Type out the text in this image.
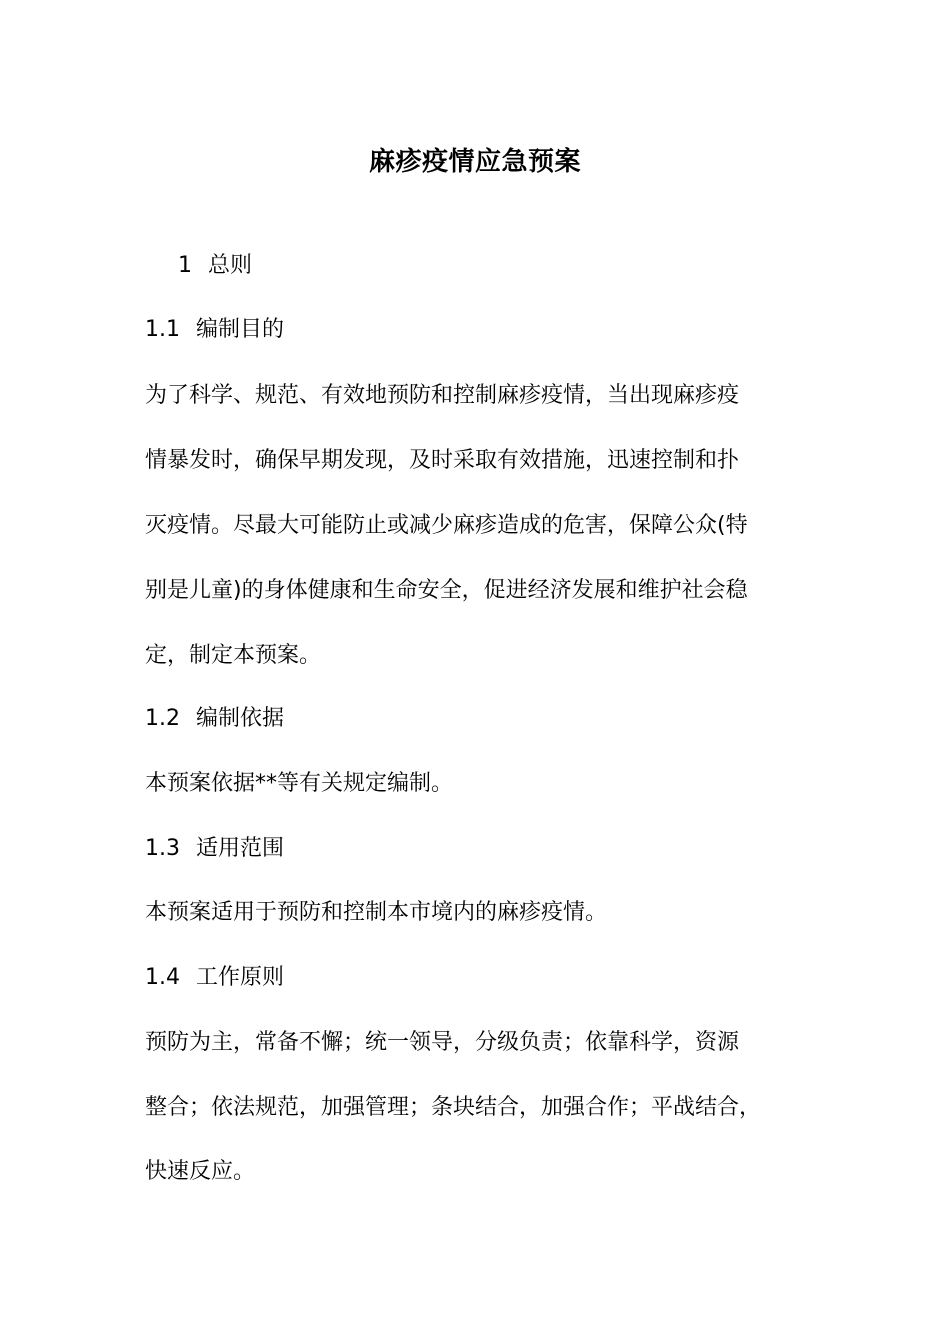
麻疹疫情应急预案
1 总则
1.1 编制目的
为了科学、规范、有效地预防和控制麻疹疫情，当出现麻疹疫
情暴发时，确保早期发现，及时采取有效措施，迅速控制和扑
灭疫情。尽最大可能防止或减少麻疹造成的危害，保障公众(特
别是儿童)的身体健康和生命安全，促进经济发展和维护社会稳
定，制定本预案。
1.2 编制依据
本预案依据**等有关规定编制。
1.3 适用范围
本预案适用于预防和控制本市境内的麻疹疫情。
1.4 工作原则
预防为主，常备不懈；统一领导，分级负责；依靠科学，资源
整合；依法规范，加强管理；条块结合，加强合作；平战结合，
快速反应。
